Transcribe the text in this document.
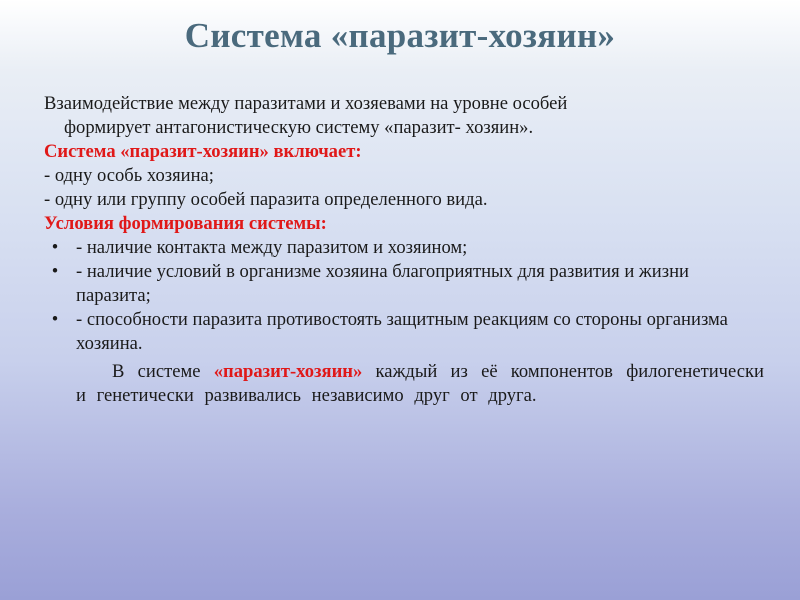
Система «паразит-хозяин»

Взаимодействие между паразитами и хозяевами на уровне особей
формирует антагонистическую систему «паразит- хозяин».

Система «паразит-хозяин» включает:

- одну особь хозяина;

- одну или группу особей паразита определенного вида.

Условия формирования системы:

• - наличие контакта между паразитом и хозяином;
• - наличие условий в организме хозяина благоприятных для развития и жизни паразита;
• - способности паразита противостоять защитным реакциям со стороны организма хозяина.

В системе «паразит-хозяин» каждый из её компонентов филогенетически и генетически развивались независимо друг от друга.
